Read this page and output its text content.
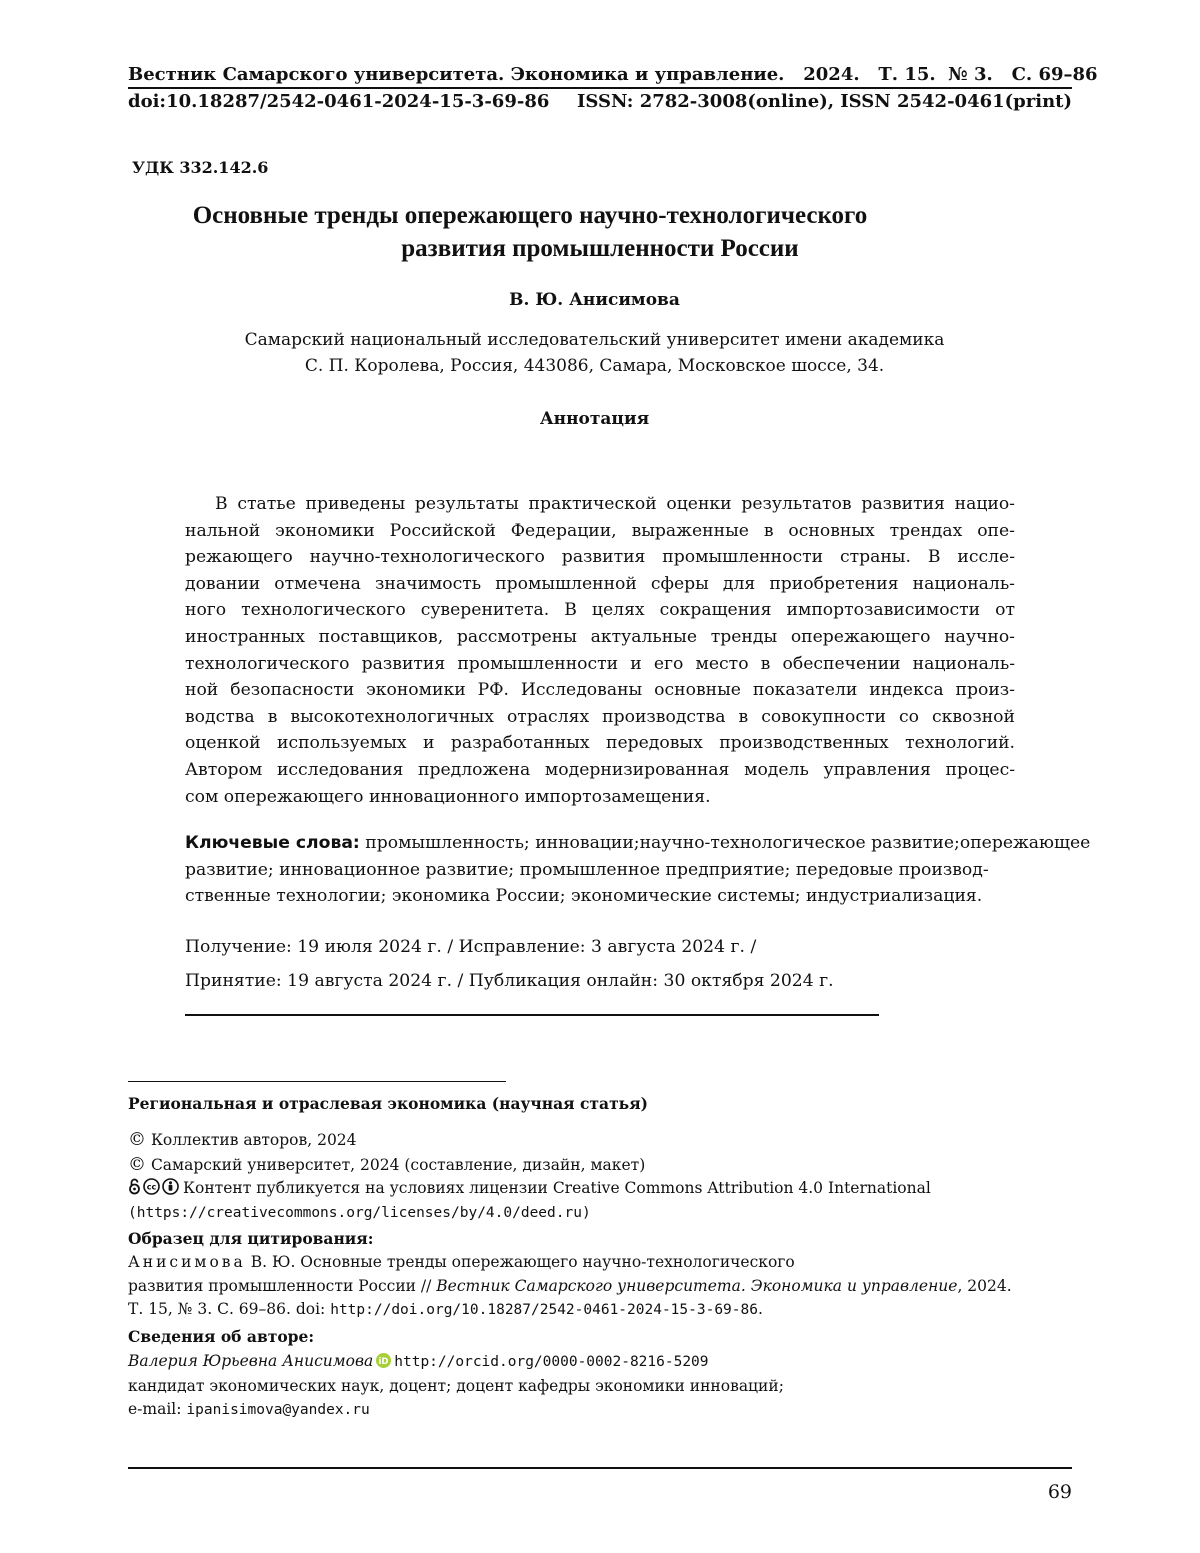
Вестник Самарского университета. Экономика и управление.   2024.   Т. 15.  № 3.   С. 69–86
doi:10.18287/2542-0461-2024-15-3-69-86 ISSN: 2782-3008(online), ISSN 2542-0461(print)
УДК 332.142.6
Основные тренды опережающего научно-технологического
развития промышленности России
В. Ю. Анисимова
Самарский национальный исследовательский университет имени академика
С. П. Королева, Россия, 443086, Самара, Московское шоссе, 34.
Аннотация
В статье приведены результаты практической оценки результатов развития нацио-
нальной экономики Российской Федерации, выраженные в основных трендах опе-
режающего научно-технологического развития промышленности страны. В иссле-
довании отмечена значимость промышленной сферы для приобретения националь-
ного технологического суверенитета. В целях сокращения импортозависимости от
иностранных поставщиков, рассмотрены актуальные тренды опережающего научно-
технологического развития промышленности и его место в обеспечении националь-
ной безопасности экономики РФ. Исследованы основные показатели индекса произ-
водства в высокотехнологичных отраслях производства в совокупности со сквозной
оценкой используемых и разработанных передовых производственных технологий.
Автором исследования предложена модернизированная модель управления процес-
сом опережающего инновационного импортозамещения.
Ключевые слова: промышленность; инновации;научно-технологическое развитие;опережающее
развитие; инновационное развитие; промышленное предприятие; передовые производ-
ственные технологии; экономика России; экономические системы; индустриализация.
Получение: 19 июля 2024 г. / Исправление: 3 августа 2024 г. /
Принятие: 19 августа 2024 г. / Публикация онлайн: 30 октября 2024 г.
Региональная и отраслевая экономика (научная статья)
© Коллектив авторов, 2024
© Самарский университет, 2024 (составление, дизайн, макет)
cc Контент публикуется на условиях лицензии Creative Commons Attribution 4.0 International
(https://creativecommons.org/licenses/by/4.0/deed.ru)
Образец для цитирования:
Анисимова В. Ю. Основные тренды опережающего научно-технологического
развития промышленности России // Вестник Самарского университета. Экономика и управление, 2024.
Т. 15, № 3. С. 69–86. doi: http://doi.org/10.18287/2542-0461-2024-15-3-69-86.
Сведения об авторе:
Валерия Юрьевна Анисимова iD http://orcid.org/0000-0002-8216-5209
кандидат экономических наук, доцент; доцент кафедры экономики инноваций;
e-mail: ipanisimova@yandex.ru
69
